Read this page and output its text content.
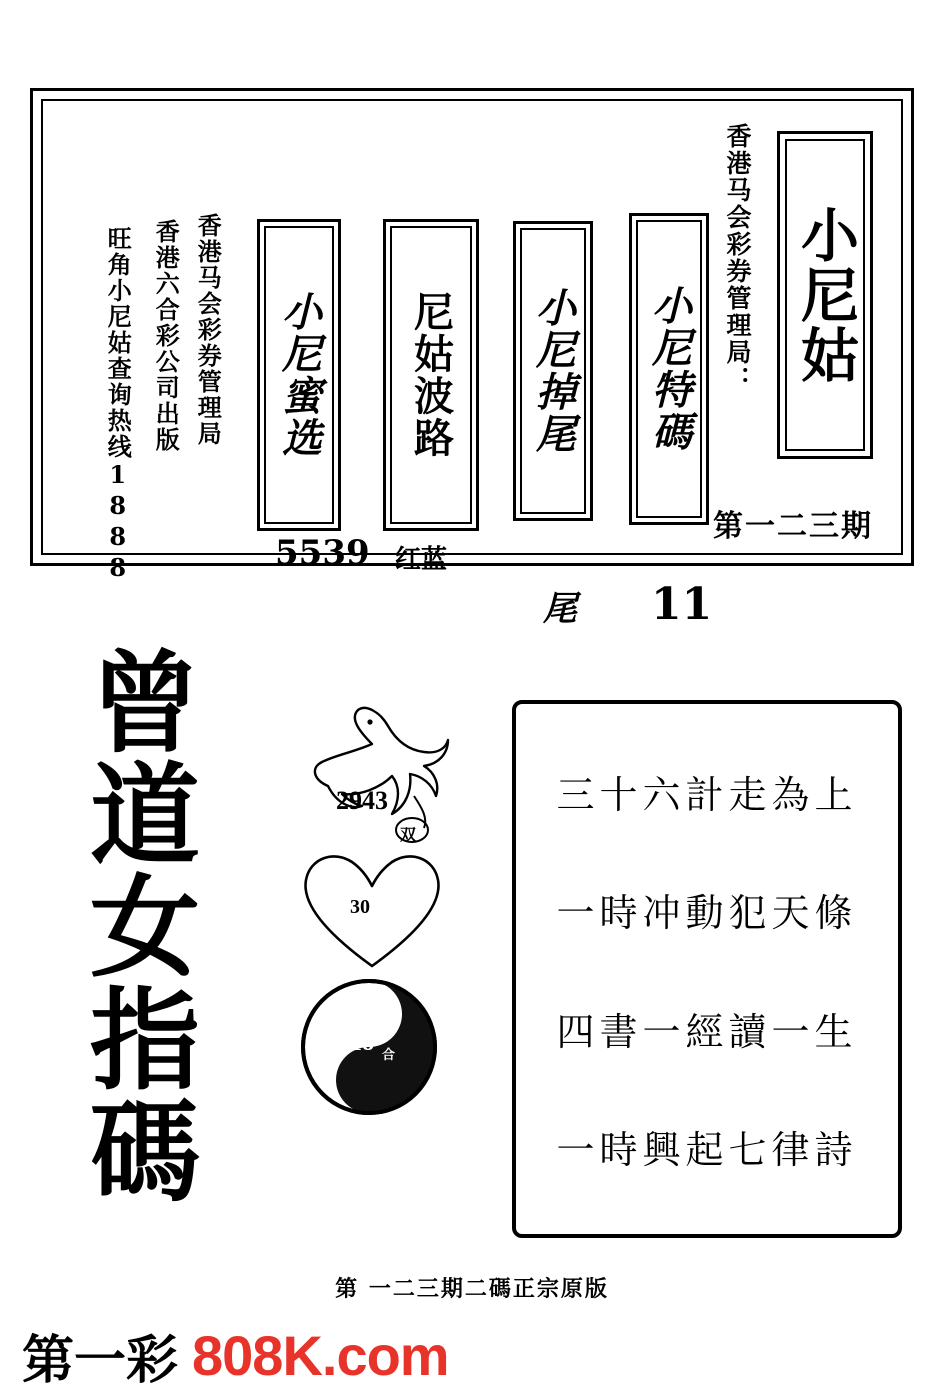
小尼姑
香港马会彩券管理局：
第一二三期
小尼特碼
11
小尼掉尾
尾
尼姑波路
红蓝
小尼蜜选
5539
香港马会彩券管理局
香港六合彩公司出版
旺角小尼姑查询热线1888
曾
道
女
指
碼
2943
双
30
18 合
三十六計走為上
一時冲動犯天條
四書一經讀一生
一時興起七律詩
第 一二三期二碼正宗原版
第一彩 808K.com
